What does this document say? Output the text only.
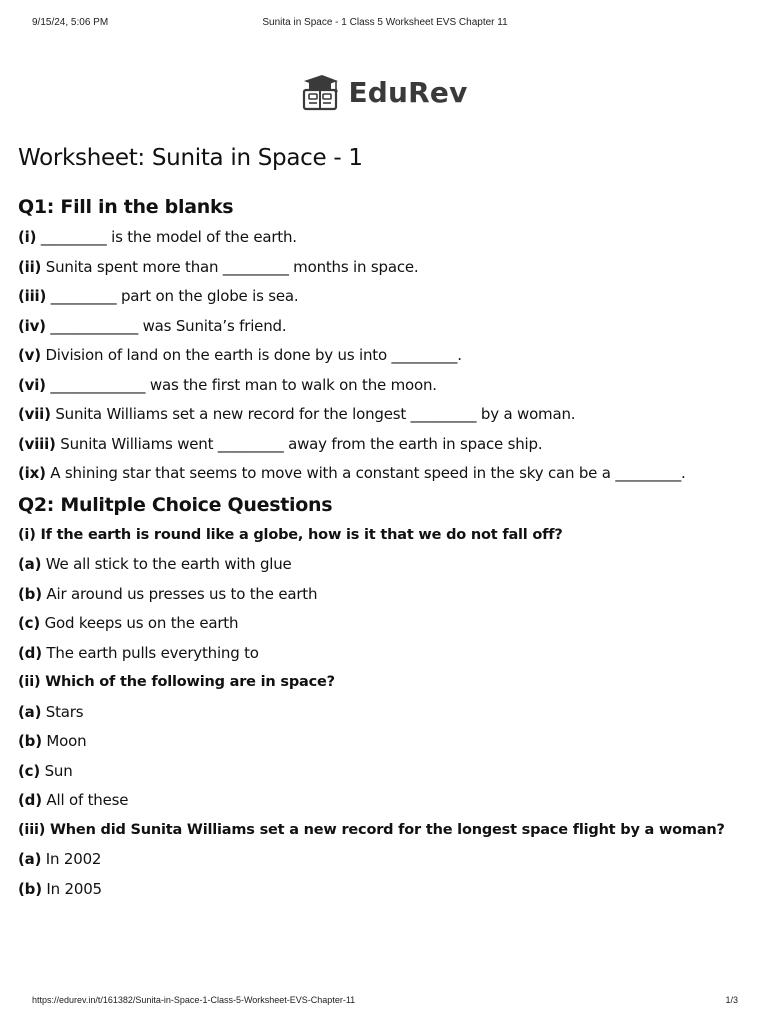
9/15/24, 5:06 PM	Sunita in Space - 1 Class 5 Worksheet EVS Chapter 11
EduRev
Worksheet: Sunita in Space - 1
Q1: Fill in the blanks
(i) _________ is the model of the earth.
(ii) Sunita spent more than _________ months in space.
(iii) _________ part on the globe is sea.
(iv) ____________ was Sunita’s friend.
(v) Division of land on the earth is done by us into _________.
(vi) _____________ was the first man to walk on the moon.
(vii) Sunita Williams set a new record for the longest _________ by a woman.
(viii) Sunita Williams went _________ away from the earth in space ship.
(ix) A shining star that seems to move with a constant speed in the sky can be a _________.
Q2: Mulitple Choice Questions
(i) If the earth is round like a globe, how is it that we do not fall off?
(a) We all stick to the earth with glue
(b) Air around us presses us to the earth
(c) God keeps us on the earth
(d) The earth pulls everything to
(ii) Which of the following are in space?
(a) Stars
(b) Moon
(c) Sun
(d) All of these
(iii) When did Sunita Williams set a new record for the longest space flight by a woman?
(a) In 2002
(b) In 2005
https://edurev.in/t/161382/Sunita-in-Space-1-Class-5-Worksheet-EVS-Chapter-11	1/3
